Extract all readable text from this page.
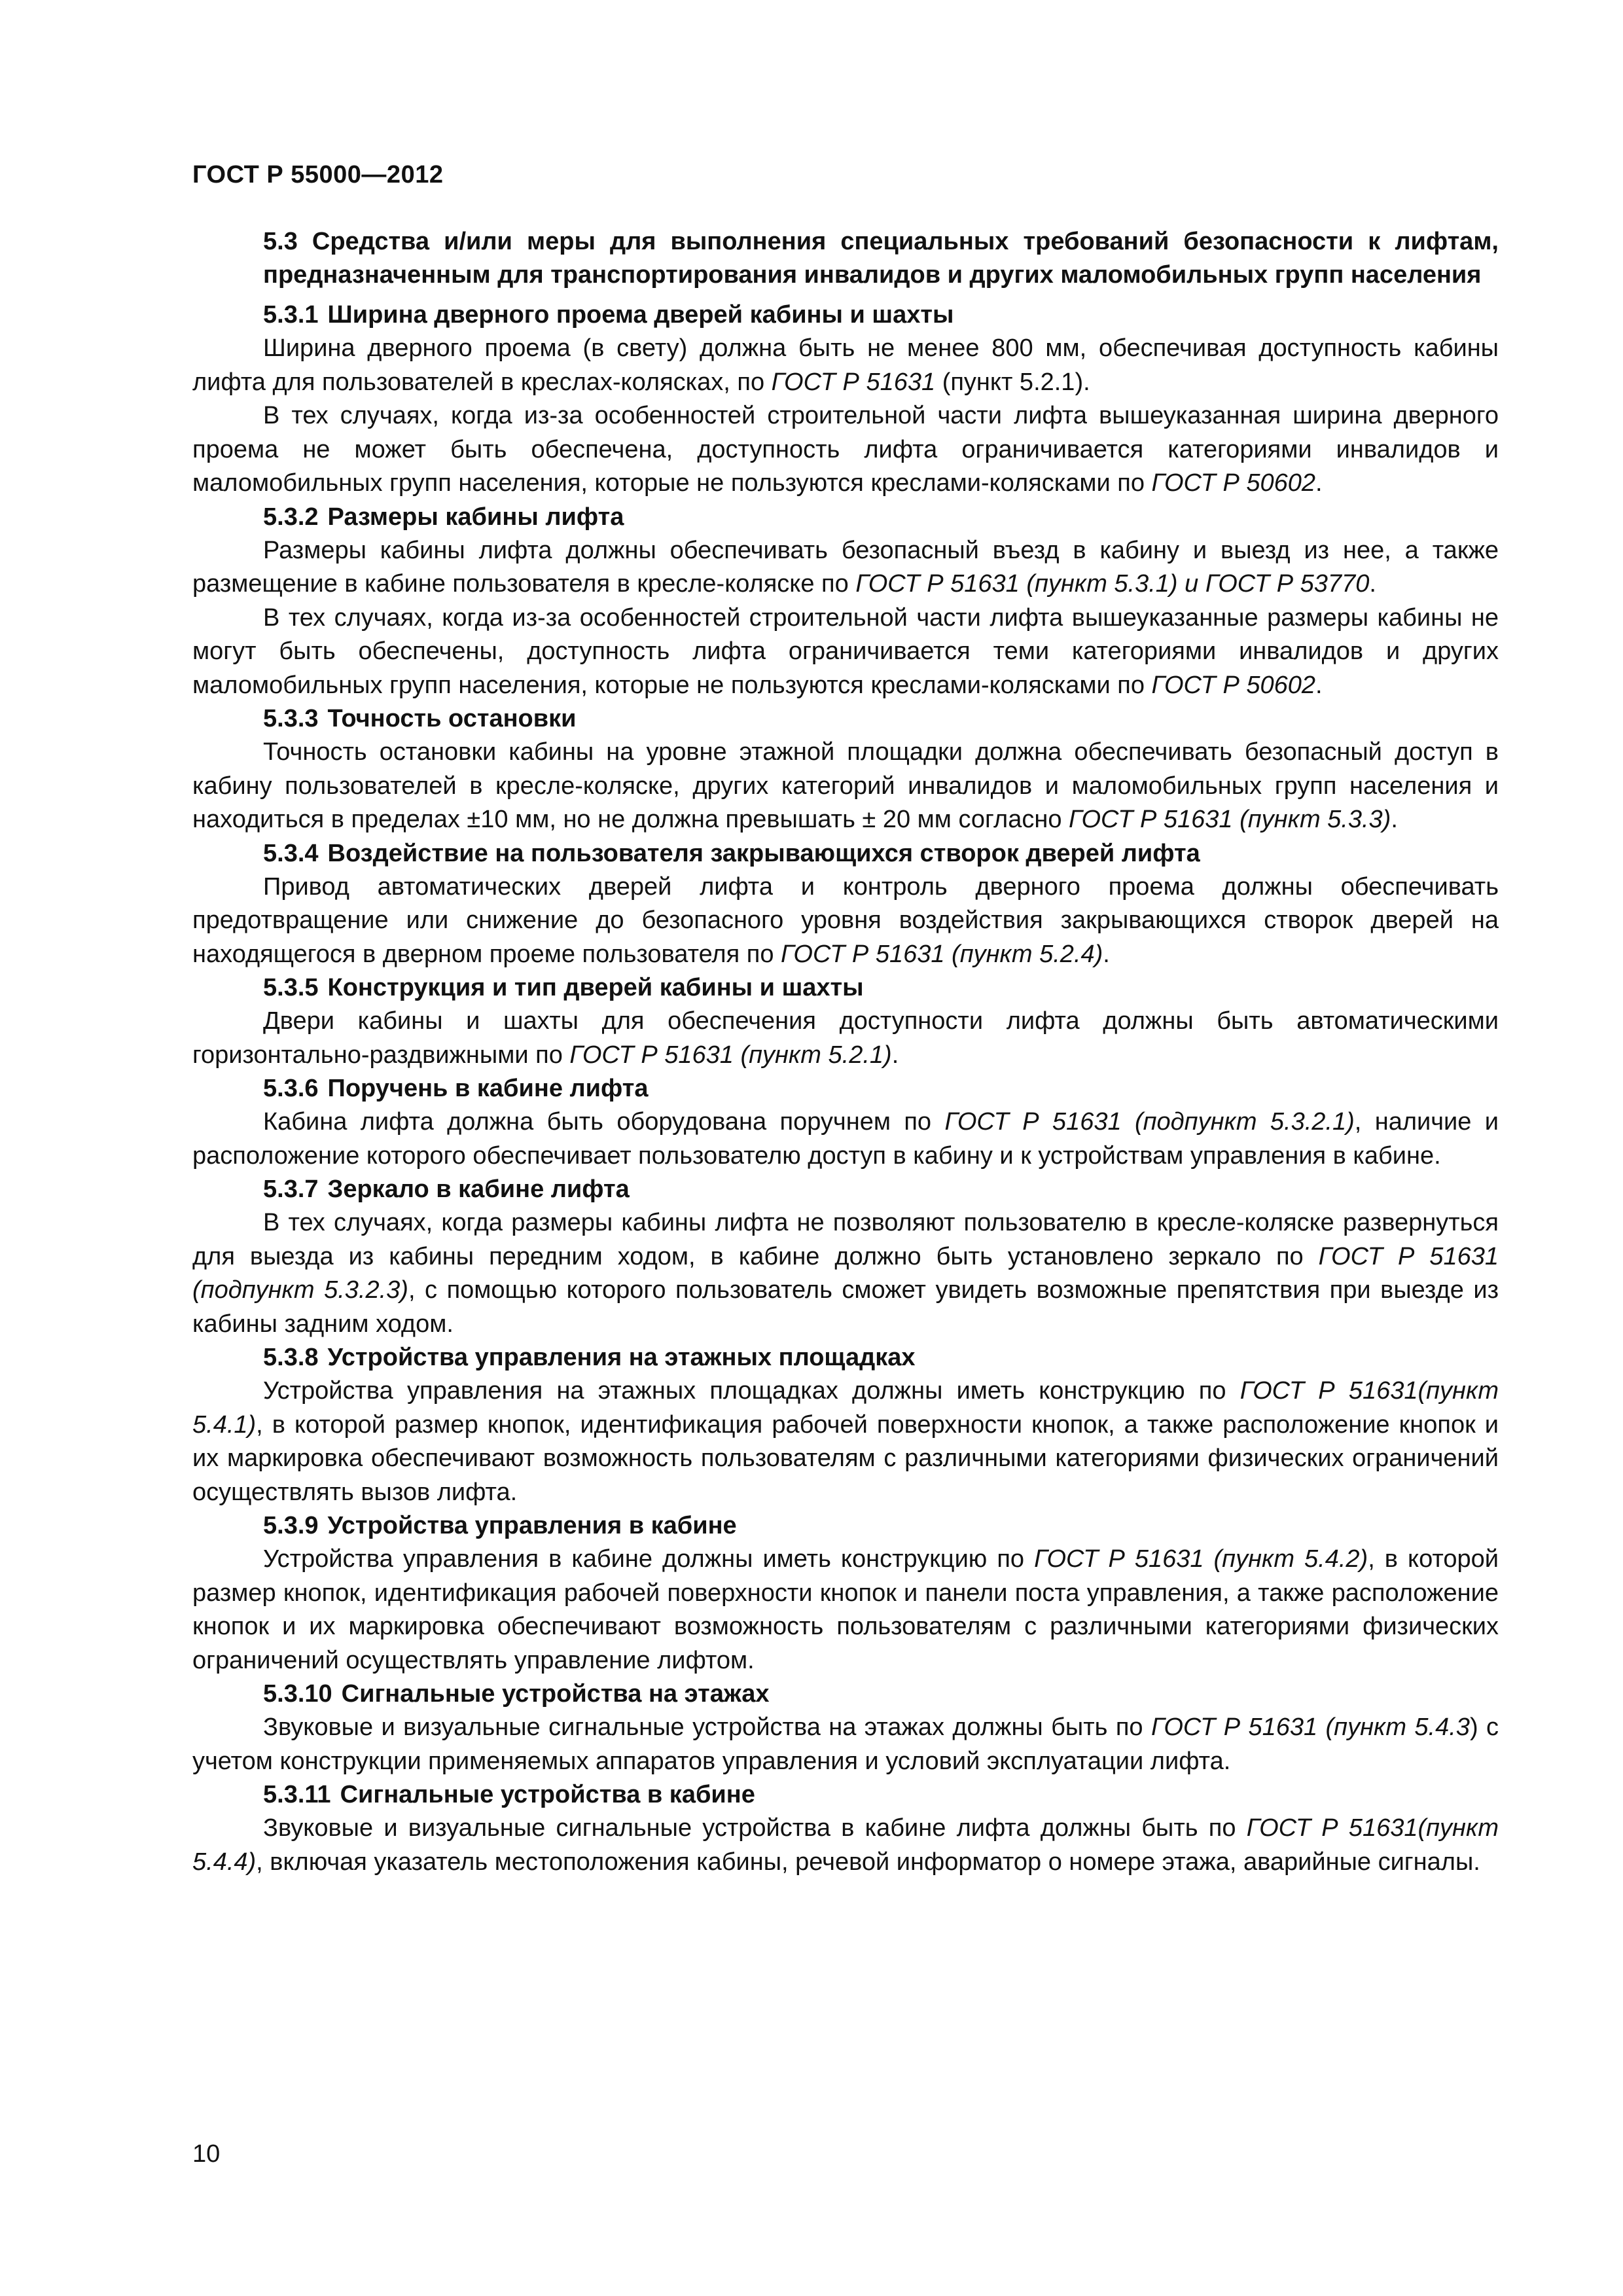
ГОСТ Р 55000—2012

5.3 Средства и/или меры для выполнения специальных требований безопасности к лифтам, предназначенным для транспортирования инвалидов и других маломобильных групп населения

5.3.1 Ширина дверного проема дверей кабины и шахты

Ширина дверного проема (в свету) должна быть не менее 800 мм, обеспечивая доступность кабины лифта для пользователей в креслах-колясках, по ГОСТ Р 51631 (пункт 5.2.1).

В тех случаях, когда из-за особенностей строительной части лифта вышеуказанная ширина дверного проема не может быть обеспечена, доступность лифта ограничивается категориями инвалидов и маломобильных групп населения, которые не пользуются креслами-колясками по ГОСТ Р 50602.

5.3.2 Размеры кабины лифта

Размеры кабины лифта должны обеспечивать безопасный въезд в кабину и выезд из нее, а также размещение в кабине пользователя в кресле-коляске по ГОСТ Р 51631 (пункт 5.3.1) и ГОСТ Р 53770.

В тех случаях, когда из-за особенностей строительной части лифта вышеуказанные размеры кабины не могут быть обеспечены, доступность лифта ограничивается теми категориями инвалидов и других маломобильных групп населения, которые не пользуются креслами-колясками по ГОСТ Р 50602.

5.3.3 Точность остановки

Точность остановки кабины на уровне этажной площадки должна обеспечивать безопасный доступ в кабину пользователей в кресле-коляске, других категорий инвалидов и маломобильных групп населения и находиться в пределах ±10 мм, но не должна превышать ± 20 мм согласно ГОСТ Р 51631 (пункт 5.3.3).

5.3.4 Воздействие на пользователя закрывающихся створок дверей лифта

Привод автоматических дверей лифта и контроль дверного проема должны обеспечивать предотвращение или снижение до безопасного уровня воздействия закрывающихся створок дверей на находящегося в дверном проеме пользователя по ГОСТ Р 51631 (пункт 5.2.4).

5.3.5 Конструкция и тип дверей кабины и шахты

Двери кабины и шахты для обеспечения доступности лифта должны быть автоматическими горизонтально-раздвижными по ГОСТ Р 51631 (пункт 5.2.1).

5.3.6 Поручень в кабине лифта

Кабина лифта должна быть оборудована поручнем по ГОСТ Р 51631 (подпункт 5.3.2.1), наличие и расположение которого обеспечивает пользователю доступ в кабину и к устройствам управления в кабине.

5.3.7 Зеркало в кабине лифта

В тех случаях, когда размеры кабины лифта не позволяют пользователю в кресле-коляске развернуться для выезда из кабины передним ходом, в кабине должно быть установлено зеркало по ГОСТ Р 51631 (подпункт 5.3.2.3), с помощью которого пользователь сможет увидеть возможные препятствия при выезде из кабины задним ходом.

5.3.8 Устройства управления на этажных площадках

Устройства управления на этажных площадках должны иметь конструкцию по ГОСТ Р 51631(пункт 5.4.1), в которой размер кнопок, идентификация рабочей поверхности кнопок, а также расположение кнопок и их маркировка обеспечивают возможность пользователям с различными категориями физических ограничений осуществлять вызов лифта.

5.3.9 Устройства управления в кабине

Устройства управления в кабине должны иметь конструкцию по ГОСТ Р 51631 (пункт 5.4.2), в которой размер кнопок, идентификация рабочей поверхности кнопок и панели поста управления, а также расположение кнопок и их маркировка обеспечивают возможность пользователям с различными категориями физических ограничений осуществлять управление лифтом.

5.3.10 Сигнальные устройства на этажах

Звуковые и визуальные сигнальные устройства на этажах должны быть по ГОСТ Р 51631 (пункт 5.4.3) с учетом конструкции применяемых аппаратов управления и условий эксплуатации лифта.

5.3.11 Сигнальные устройства в кабине

Звуковые и визуальные сигнальные устройства в кабине лифта должны быть по ГОСТ Р 51631(пункт 5.4.4), включая указатель местоположения кабины, речевой информатор о номере этажа, аварийные сигналы.

10
